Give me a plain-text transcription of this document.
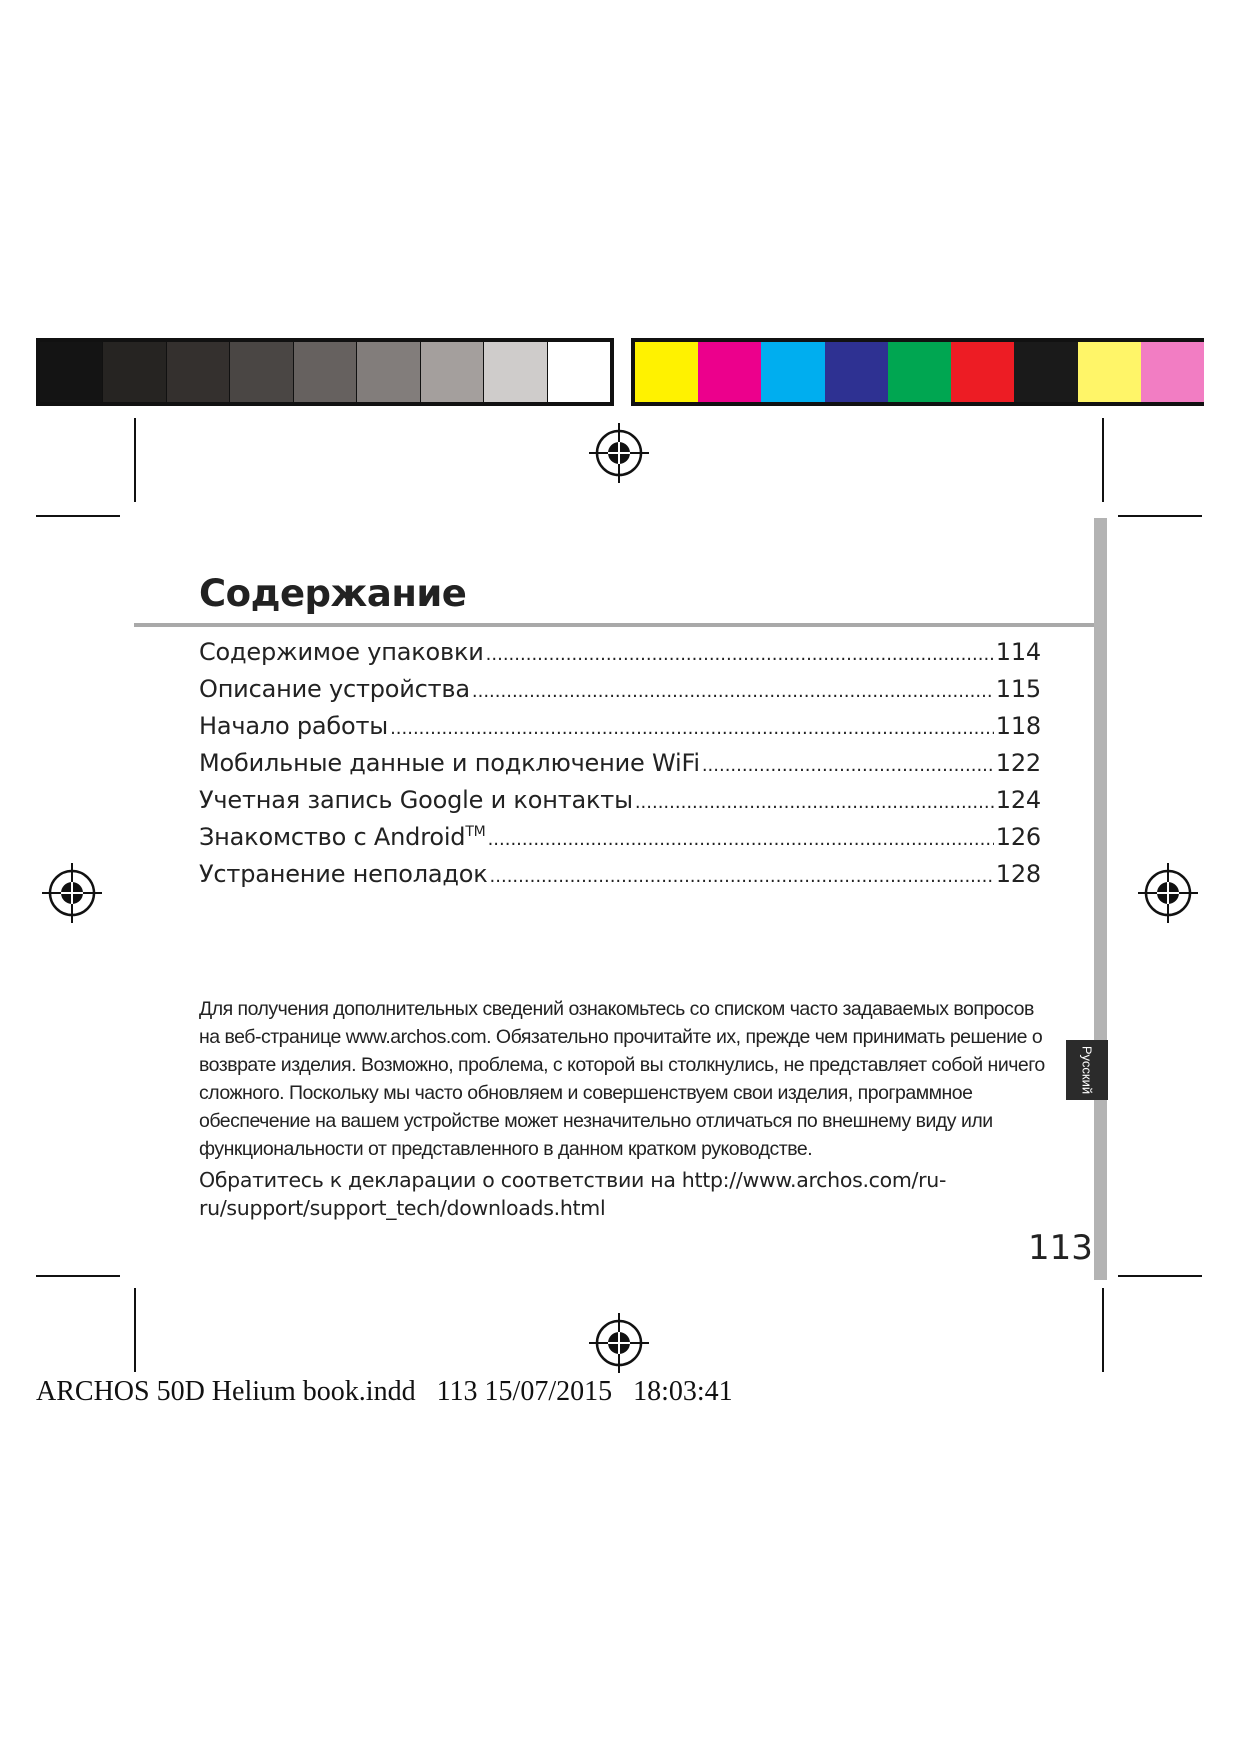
Содержание
Русский
Содержимое упаковки .....	114
Описание устройства .....	115
Начало работы .....	118
Мобильные данные и подключение WiFi .....	122
Учетная запись Google и контакты .....	124
Знакомство с Android™ .....	126
Устранение неполадок .....	128

Для получения дополнительных сведений ознакомьтесь со списком часто задаваемых вопросов на веб-странице www.archos.com. Обязательно прочитайте их, прежде чем принимать решение о возврате изделия. Возможно, проблема, с которой вы столкнулись, не представляет собой ничего сложного. Поскольку мы часто обновляем и совершенствуем свои изделия, программное обеспечение на вашем устройстве может незначительно отличаться по внешнему виду или функциональности от представленного в данном кратком руководстве.

Обратитесь к декларации о соответствии на http://www.archos.com/ru-ru/support/support_tech/downloads.html

113
ARCHOS 50D Helium book.indd   113 15/07/2015   18:03:41
